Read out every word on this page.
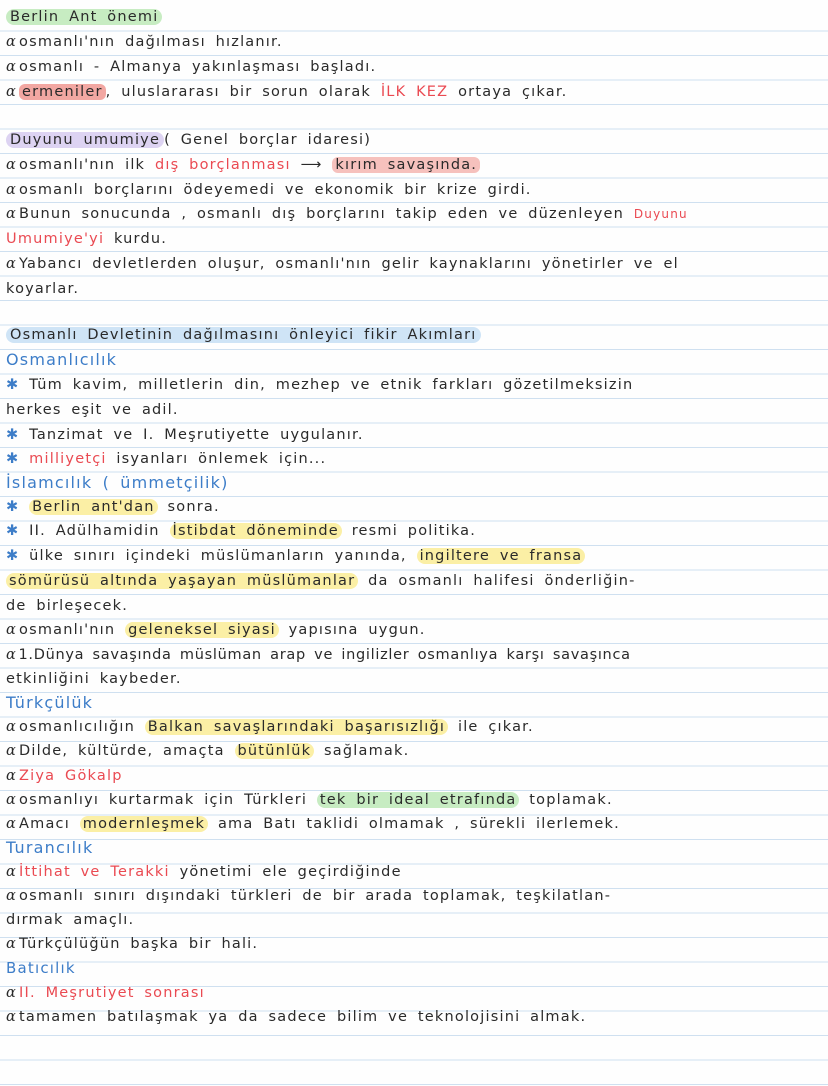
Berlin Ant önemi
α osmanlı'nın dağılması hızlanır.
α osmanlı - Almanya yakınlaşması başladı.
α ermeniler , uluslararası bir sorun olarak İLK KEZ ortaya çıkar.
Duyunu umumiye ( Genel borçlar idaresi)
α osmanlı'nın ilk dış borçlanması ⟶ kırım savaşında.
α osmanlı borçlarını ödeyemedi ve ekonomik bir krize girdi.
α Bunun sonucunda , osmanlı dış borçlarını takip eden ve düzenleyen Duyunu
Umumiye'yi kurdu.
α Yabancı devletlerden oluşur, osmanlı'nın gelir kaynaklarını yönetirler ve el
koyarlar.
Osmanlı Devletinin dağılmasını önleyici fikir Akımları
Osmanlıcılık
✱ Tüm kavim, milletlerin din, mezhep ve etnik farkları gözetilmeksizin
herkes eşit ve adil.
✱ Tanzimat ve I. Meşrutiyette uygulanır.
✱ milliyetçi isyanları önlemek için...
İslamcılık ( ümmetçilik)
✱ Berlin ant'dan sonra.
✱ II. Adülhamidin İstibdat döneminde resmi politika.
✱ ülke sınırı içindeki müslümanların yanında, ingiltere ve fransa
sömürüsü altında yaşayan müslümanlar da osmanlı halifesi önderliğin-
de birleşecek.
α osmanlı'nın geleneksel siyasi yapısına uygun.
α 1.Dünya savaşında müslüman arap ve ingilizler osmanlıya karşı savaşınca
etkinliğini kaybeder.
Türkçülük
α osmanlıcılığın Balkan savaşlarındaki başarısızlığı ile çıkar.
α Dilde, kültürde, amaçta bütünlük sağlamak.
α Ziya Gökalp
α osmanlıyı kurtarmak için Türkleri tek bir ideal etrafında toplamak.
α Amacı modernleşmek ama Batı taklidi olmamak , sürekli ilerlemek.
Turancılık
α İttihat ve Terakki yönetimi ele geçirdiğinde
α osmanlı sınırı dışındaki türkleri de bir arada toplamak, teşkilatlan-
dırmak amaçlı.
α Türkçülüğün başka bir hali.
Batıcılık
α II. Meşrutiyet sonrası
α tamamen batılaşmak ya da sadece bilim ve teknolojisini almak.
